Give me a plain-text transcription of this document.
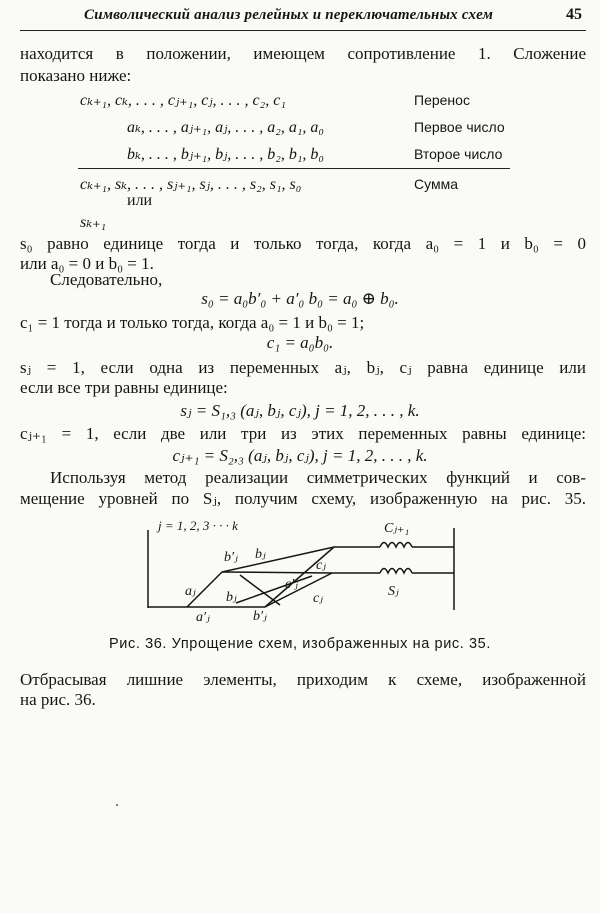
Символический анализ релейных и переключательных схем	45
находится в положении, имеющем сопротивление 1. Сложение
показано ниже:
cₖ₊₁, cₖ, . . . , cⱼ₊₁, cⱼ, . . . , c₂, c₁	Перенос
aₖ, . . . , aⱼ₊₁, aⱼ, . . . , a₂, a₁, a₀	Первое число
bₖ, . . . , bⱼ₊₁, bⱼ, . . . , b₂, b₁, b₀	Второе число
cₖ₊₁, sₖ, . . . , sⱼ₊₁, sⱼ, . . . , s₂, s₁, s₀	Сумма
или
sₖ₊₁
s₀ равно единице тогда и только тогда, когда a₀ = 1 и b₀ = 0
или a₀ = 0 и b₀ = 1.
Следовательно,
s₀ = a₀b′₀ + a′₀ b₀ = a₀ ⊕ b₀.
c₁ = 1 тогда и только тогда, когда a₀ = 1 и b₀ = 1;
c₁ = a₀b₀.
sⱼ = 1, если одна из переменных aⱼ, bⱼ, cⱼ равна единице или
если все три равны единице:
sⱼ = S₁,₃ (aⱼ, bⱼ, cⱼ), j = 1, 2, . . . , k.
cⱼ₊₁ = 1, если две или три из этих переменных равны единице:
cⱼ₊₁ = S₂,₃ (aⱼ, bⱼ, cⱼ), j = 1, 2, . . . , k.
Используя метод реализации симметрических функций и сов-
мещение уровней по Sⱼ, получим схему, изображенную на рис. 35.
j = 1, 2, 3 · · · k
aⱼ
a′ⱼ
b′ⱼ bⱼ
bⱼ
b′ⱼ
cⱼ
c′ⱼ
cⱼ
Cⱼ₊₁
Sⱼ
Рис. 36. Упрощение схем, изображенных на рис. 35.
Отбрасывая лишние элементы, приходим к схеме, изображенной
на рис. 36.
